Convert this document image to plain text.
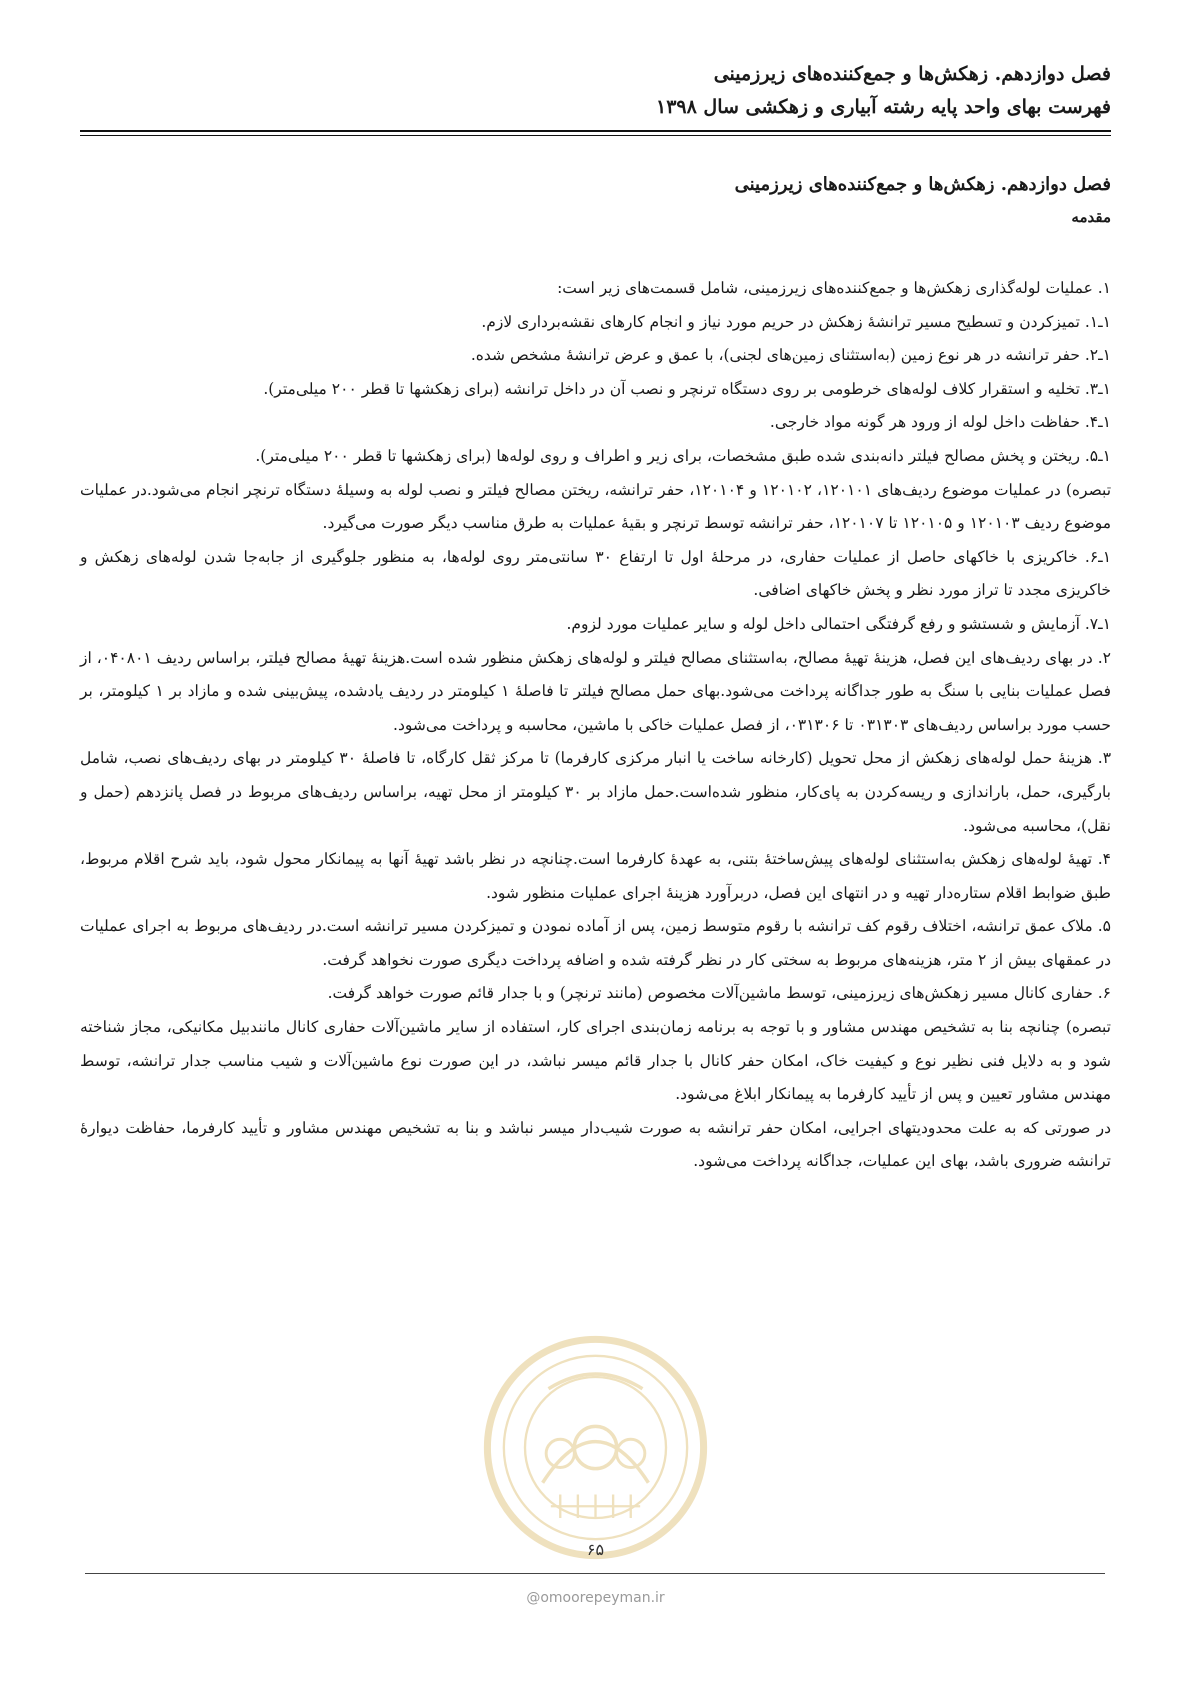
فصل دوازدهم. زهکش‌ها و جمع‌کننده‌های زیرزمینی
فهرست بهای واحد پایه رشته آبیاری و زهکشی سال ۱۳۹۸
فصل دوازدهم. زهکش‌ها و جمع‌کننده‌های زیرزمینی
مقدمه

۱. عملیات لوله‌گذاری زهکش‌ها و جمع‌کننده‌های زیرزمینی، شامل قسمت‌های زیر است:

۱ـ۱. تمیزکردن و تسطیح مسیر ترانشهٔ زهکش در حریم مورد نیاز و انجام کارهای نقشه‌برداری لازم.

۱ـ۲. حفر ترانشه در هر نوع زمین (به‌استثنای زمین‌های لجنی)، با عمق و عرض ترانشهٔ مشخص شده.

۱ـ۳. تخلیه و استقرار کلاف لوله‌های خرطومی بر روی دستگاه ترنچر و نصب آن در داخل ترانشه (برای زهکشها تا قطر ۲۰۰ میلی‌متر).

۱ـ۴. حفاظت داخل لوله از ورود هر گونه مواد خارجی.

۱ـ۵. ریختن و پخش مصالح فیلتر دانه‌بندی شده طبق مشخصات، برای زیر و اطراف و روی لوله‌ها (برای زهکشها تا قطر ۲۰۰ میلی‌متر).

تبصره) در عملیات موضوع ردیف‌های ۱۲۰۱۰۱، ۱۲۰۱۰۲ و ۱۲۰۱۰۴، حفر ترانشه، ریختن مصالح فیلتر و نصب لوله به وسیلهٔ دستگاه ترنچر انجام می‌شود.در عملیات موضوع ردیف ۱۲۰۱۰۳ و ۱۲۰۱۰۵ تا ۱۲۰۱۰۷، حفر ترانشه توسط ترنچر و بقیهٔ عملیات به طرق مناسب دیگر صورت می‌گیرد.

۱ـ۶. خاکریزی با خاکهای حاصل از عملیات حفاری، در مرحلهٔ اول تا ارتفاع ۳۰ سانتی‌متر روی لوله‌ها، به منظور جلوگیری از جابه‌جا شدن لوله‌های زهکش و خاکریزی مجدد تا تراز مورد نظر و پخش خاکهای اضافی.

۱ـ۷. آزمایش و شستشو و رفع گرفتگی احتمالی داخل لوله و سایر عملیات مورد لزوم.

۲. در بهای ردیف‌های این فصل، هزینهٔ تهیهٔ مصالح، به‌استثنای مصالح فیلتر و لوله‌های زهکش منظور شده است.هزینهٔ تهیهٔ مصالح فیلتر، براساس ردیف ۰۴۰۸۰۱، از فصل عملیات بنایی با سنگ به طور جداگانه پرداخت می‌شود.بهای حمل مصالح فیلتر تا فاصلهٔ ۱ کیلومتر در ردیف یادشده، پیش‌بینی شده و مازاد بر ۱ کیلومتر، بر حسب مورد براساس ردیف‌های ۰۳۱۳۰۳ تا ۰۳۱۳۰۶، از فصل عملیات خاکی با ماشین، محاسبه و پرداخت می‌شود.

۳. هزینهٔ حمل لوله‌های زهکش از محل تحویل (کارخانه ساخت یا انبار مرکزی کارفرما) تا مرکز ثقل کارگاه، تا فاصلهٔ ۳۰ کیلومتر در بهای ردیف‌های نصب، شامل بارگیری، حمل، باراندازی و ریسه‌کردن به پای‌کار، منظور شده‌است.حمل مازاد بر ۳۰ کیلومتر از محل تهیه، براساس ردیف‌های مربوط در فصل پانزدهم (حمل و نقل)، محاسبه می‌شود.

۴. تهیهٔ لوله‌های زهکش به‌استثنای لوله‌های پیش‌ساختهٔ بتنی، به عهدهٔ کارفرما است.چنانچه در نظر باشد تهیهٔ آنها به پیمانکار محول شود، باید شرح اقلام مربوط، طبق ضوابط اقلام ستاره‌دار تهیه و در انتهای این فصل، دربرآورد هزینهٔ اجرای عملیات منظور شود.

۵. ملاک عمق ترانشه، اختلاف رقوم کف ترانشه با رقوم متوسط زمین، پس از آماده نمودن و تمیزکردن مسیر ترانشه است.در ردیف‌های مربوط به اجرای عملیات در عمقهای بیش از ۲ متر، هزینه‌های مربوط به سختی کار در نظر گرفته شده و اضافه پرداخت دیگری صورت نخواهد گرفت.

۶. حفاری کانال مسیر زهکش‌های زیرزمینی، توسط ماشین‌آلات مخصوص (مانند ترنچر) و با جدار قائم صورت خواهد گرفت.

تبصره) چنانچه بنا به تشخیص مهندس مشاور و با توجه به برنامه زمان‌بندی اجرای کار، استفاده از سایر ماشین‌آلات حفاری کانال مانندبیل مکانیکی، مجاز شناخته شود و به دلایل فنی نظیر نوع و کیفیت خاک، امکان حفر کانال با جدار قائم میسر نباشد، در این صورت نوع ماشین‌آلات و شیب مناسب جدار ترانشه، توسط مهندس مشاور تعیین و پس از تأیید کارفرما به پیمانکار ابلاغ می‌شود.

در صورتی که به علت محدودیتهای اجرایی، امکان حفر ترانشه به صورت شیب‌دار میسر نباشد و بنا به تشخیص مهندس مشاور و تأیید کارفرما، حفاظت دیوارهٔ ترانشه ضروری باشد، بهای این عملیات، جداگانه پرداخت می‌شود.

۶۵
@omoorepeyman.ir
